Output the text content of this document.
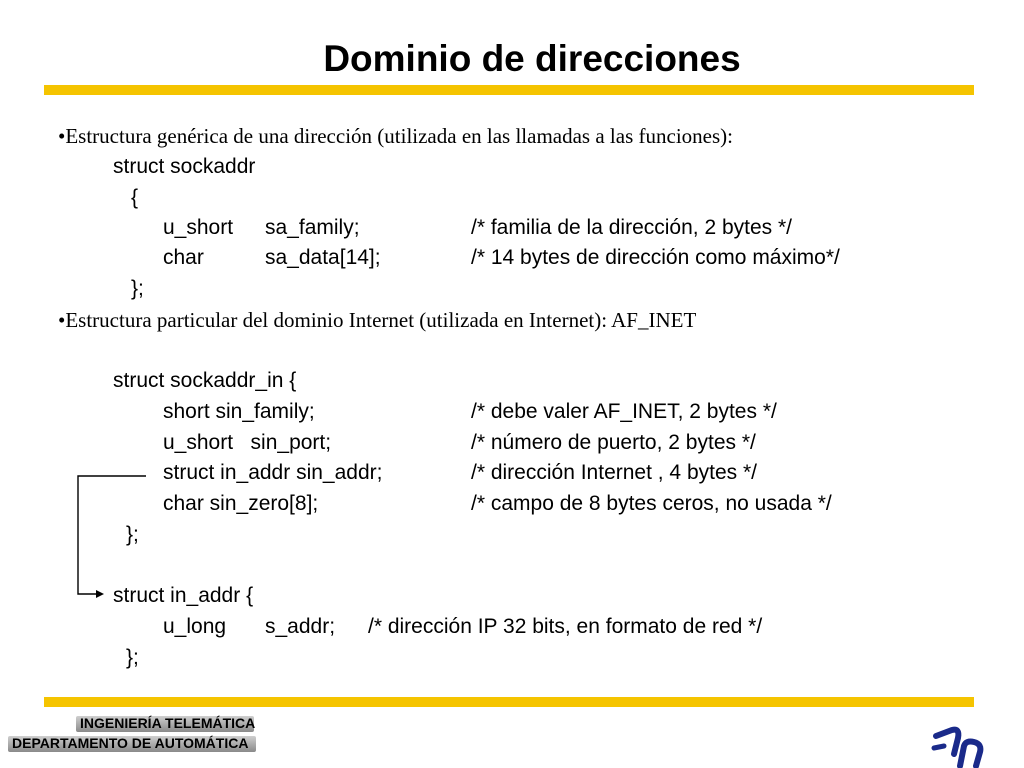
Dominio de direcciones
•Estructura genérica de una dirección (utilizada en las llamadas a las funciones):
struct sockaddr
{
u_short sa_family;	/* familia de la dirección, 2 bytes */
char	sa_data[14];	/* 14 bytes de dirección como máximo*/
};
•Estructura particular del dominio Internet (utilizada en Internet): AF_INET
struct sockaddr_in {
short sin_family;	/* debe valer AF_INET, 2 bytes */
u_short   sin_port;	/* número de puerto, 2 bytes */
struct in_addr sin_addr;	/* dirección Internet , 4 bytes */
char sin_zero[8];	/* campo de 8 bytes ceros, no usada */
};
struct in_addr {
u_long s_addr; /* dirección IP 32 bits, en formato de red */
};
INGENIERÍA TELEMÁTICA
DEPARTAMENTO DE AUTOMÁTICA
